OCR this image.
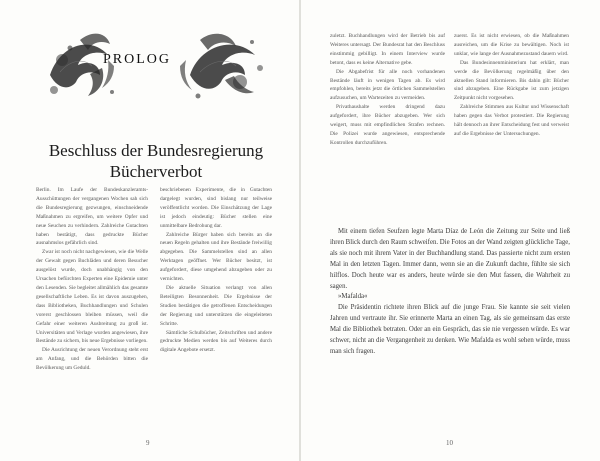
PROLOG
Beschluss der Bundesregierung
Bücherverbot

Berlin. Im Laufe der Bundeskanzleramts-Ausschüttungen der vergangenen Wochen sah sich die Bundesregierung gezwungen, einschneidende Maßnahmen zu ergreifen, um weitere Opfer und neue Seuchen zu verhindern. Zahlreiche Gutachten haben bestätigt, dass gedruckte Bücher ausnahmslos gefährlich sind.

Zwar ist noch nicht nachgewiesen, wie die Welle der Gewalt gegen Buchläden und deren Besucher ausgelöst wurde, doch unabhängig von den Ursachen befürchten Experten eine Epidemie unter den Lesenden. Sie begleitet allmählich das gesamte gesellschaftliche Leben. Es ist davon auszugehen, dass Bibliotheken, Buchhandlungen und Schulen vorerst geschlossen bleiben müssen, weil die Gefahr einer weiteren Ausbreitung zu groß ist. Universitäten und Verlage wurden angewiesen, ihre Bestände zu sichern, bis neue Ergebnisse vorliegen.

Die Ausrichtung der neuen Verordnung steht erst am Anfang, und die Behörden bitten die Bevölkerung um Geduld.

beschriebenen Experimente, die in Gutachten dargelegt wurden, sind bislang nur teilweise veröffentlicht worden. Die Einschätzung der Lage ist jedoch eindeutig: Bücher stellen eine unmittelbare Bedrohung dar.

Zahlreiche Bürger haben sich bereits an die neuen Regeln gehalten und ihre Bestände freiwillig abgegeben. Die Sammelstellen sind an allen Werktagen geöffnet. Wer Bücher besitzt, ist aufgefordert, diese umgehend abzugeben oder zu vernichten.

Die aktuelle Situation verlangt von allen Beteiligten Besonnenheit. Die Ergebnisse der Studien bestätigen die getroffenen Entscheidungen der Regierung und unterstützen die eingeleiteten Schritte.

Sämtliche Schulbücher, Zeitschriften und andere gedruckte Medien werden bis auf Weiteres durch digitale Angebote ersetzt.

9

zuletzt. Buchhandlungen wird der Betrieb bis auf Weiteres untersagt. Der Bundesrat hat den Beschluss einstimmig gebilligt. In einem Interview wurde betont, dass es keine Alternative gebe.

Die Abgabefrist für alle noch vorhandenen Bestände läuft in wenigen Tagen ab. Es wird empfohlen, bereits jetzt die örtlichen Sammelstellen aufzusuchen, um Wartezeiten zu vermeiden.

Privathaushalte werden dringend dazu aufgefordert, ihre Bücher abzugeben. Wer sich weigert, muss mit empfindlichen Strafen rechnen. Die Polizei wurde angewiesen, entsprechende Kontrollen durchzuführen.

zuerst. Es ist nicht erwiesen, ob die Maßnahmen ausreichen, um die Krise zu bewältigen. Noch ist unklar, wie lange der Ausnahmezustand dauern wird.

Das Bundesinnenministerium hat erklärt, man werde die Bevölkerung regelmäßig über den aktuellen Stand informieren. Bis dahin gilt: Bücher sind abzugeben. Eine Rückgabe ist zum jetzigen Zeitpunkt nicht vorgesehen.

Zahlreiche Stimmen aus Kultur und Wissenschaft haben gegen das Verbot protestiert. Die Regierung hält dennoch an ihrer Entscheidung fest und verweist auf die Ergebnisse der Untersuchungen.

Mit einem tiefen Seufzen legte Marta Díaz de León die Zeitung zur Seite und ließ ihren Blick durch den Raum schweifen. Die Fotos an der Wand zeigten glückliche Tage, als sie noch mit ihrem Vater in der Buchhandlung stand. Das passierte nicht zum ersten Mal in den letzten Tagen. Immer dann, wenn sie an die Zukunft dachte, fühlte sie sich hilflos. Doch heute war es anders, heute würde sie den Mut fassen, die Wahrheit zu sagen.

»Mafalda«

Die Präsidentin richtete ihren Blick auf die junge Frau. Sie kannte sie seit vielen Jahren und vertraute ihr. Sie erinnerte Marta an einen Tag, als sie gemeinsam das erste Mal die Bibliothek betraten. Oder an ein Gespräch, das sie nie vergessen würde. Es war schwer, nicht an die Vergangenheit zu denken. Wie Mafalda es wohl sehen würde, muss man sich fragen.

10
